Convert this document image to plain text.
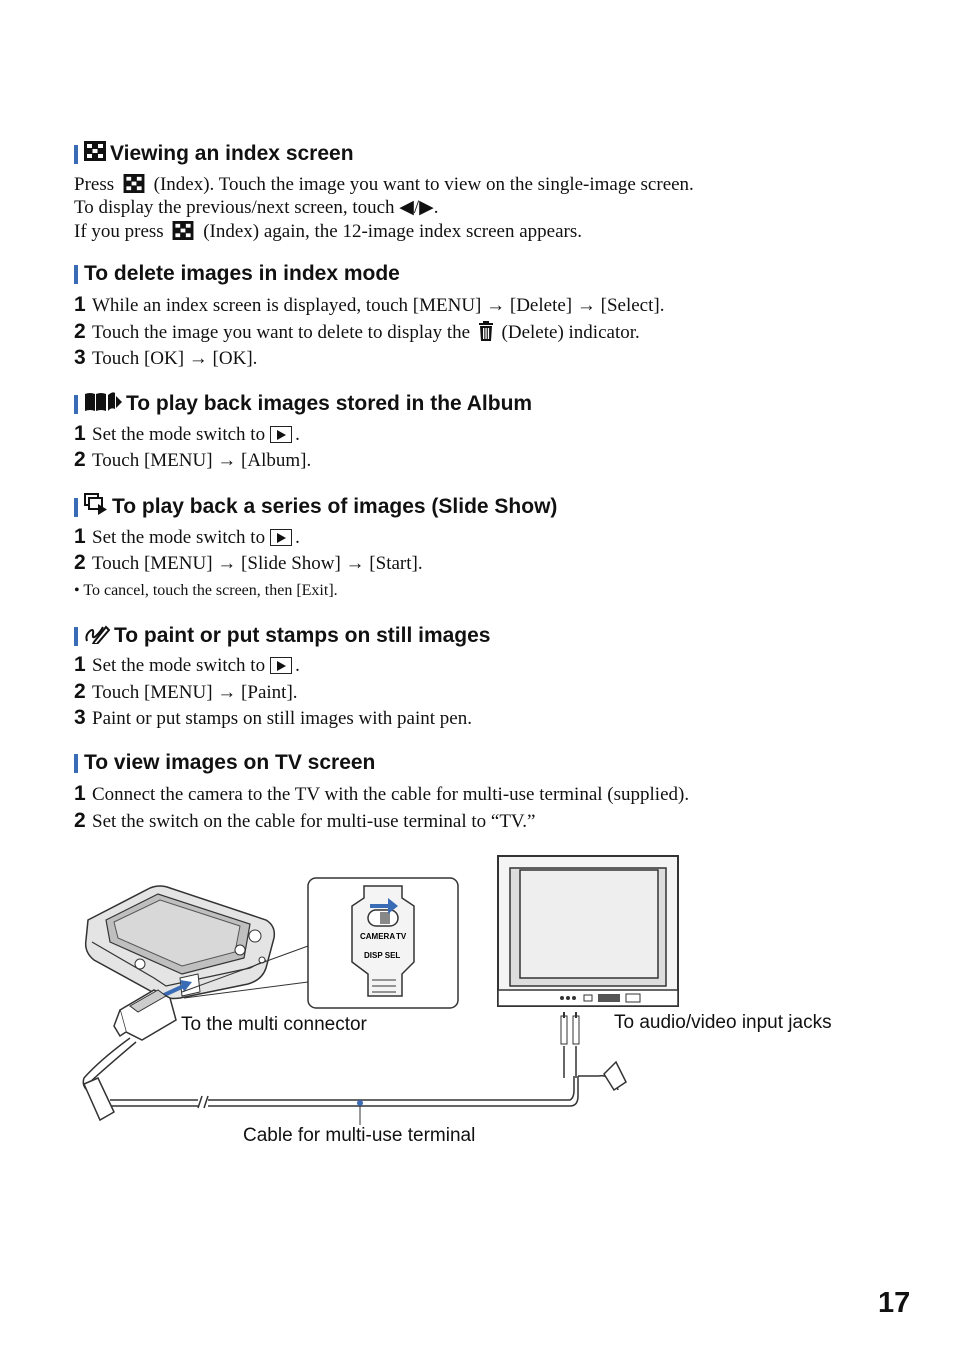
Viewing an index screen
Press (Index). Touch the image you want to view on the single-image screen.
To display the previous/next screen, touch ◀/▶.
If you press (Index) again, the 12-image index screen appears.
To delete images in index mode
1 While an index screen is displayed, touch [MENU] → [Delete] → [Select].
2 Touch the image you want to delete to display the (Delete) indicator.
3 Touch [OK] → [OK].
To play back images stored in the Album
1 Set the mode switch to .
2 Touch [MENU] → [Album].
To play back a series of images (Slide Show)
1 Set the mode switch to .
2 Touch [MENU] → [Slide Show] → [Start].
• To cancel, touch the screen, then [Exit].
To paint or put stamps on still images
1 Set the mode switch to .
2 Touch [MENU] → [Paint].
3 Paint or put stamps on still images with paint pen.
To view images on TV screen
1 Connect the camera to the TV with the cable for multi-use terminal (supplied).
2 Set the switch on the cable for multi-use terminal to “TV.”
CAMERA TV
DISP SEL
To the multi connector	To audio/video input jacks
Cable for multi-use terminal
17
